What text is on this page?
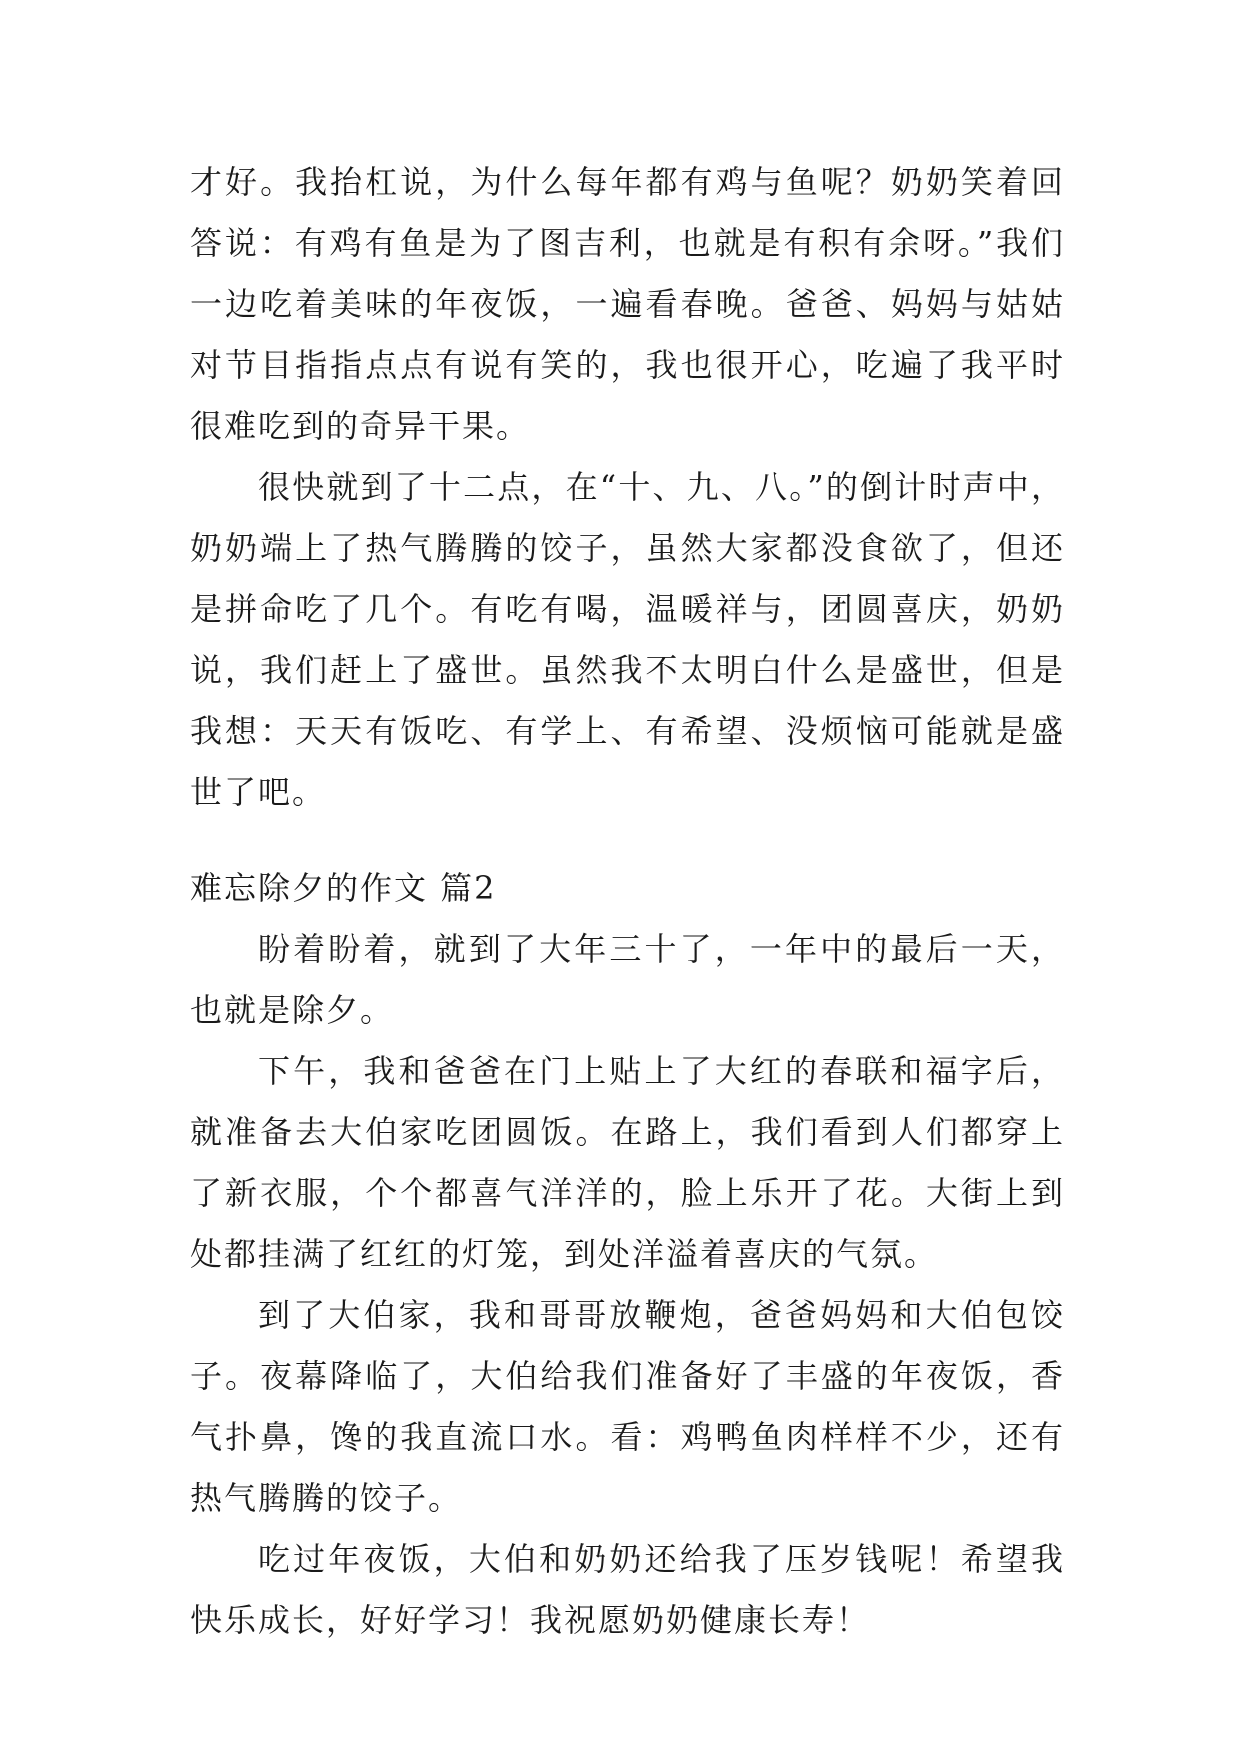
才好。我抬杠说，为什么每年都有鸡与鱼呢？奶奶笑着回答说：有鸡有鱼是为了图吉利，也就是有积有余呀。”我们一边吃着美味的年夜饭，一遍看春晚。爸爸、妈妈与姑姑对节目指指点点有说有笑的，我也很开心，吃遍了我平时很难吃到的奇异干果。

很快就到了十二点，在“十、九、八。”的倒计时声中，奶奶端上了热气腾腾的饺子，虽然大家都没食欲了，但还是拼命吃了几个。有吃有喝，温暖祥与，团圆喜庆，奶奶说，我们赶上了盛世。虽然我不太明白什么是盛世，但是我想：天天有饭吃、有学上、有希望、没烦恼可能就是盛世了吧。

难忘除夕的作文 篇2

盼着盼着，就到了大年三十了，一年中的最后一天，也就是除夕。

下午，我和爸爸在门上贴上了大红的春联和福字后，就准备去大伯家吃团圆饭。在路上，我们看到人们都穿上了新衣服，个个都喜气洋洋的，脸上乐开了花。大街上到处都挂满了红红的灯笼，到处洋溢着喜庆的气氛。

到了大伯家，我和哥哥放鞭炮，爸爸妈妈和大伯包饺子。夜幕降临了，大伯给我们准备好了丰盛的年夜饭，香气扑鼻，馋的我直流口水。看：鸡鸭鱼肉样样不少，还有热气腾腾的饺子。

吃过年夜饭，大伯和奶奶还给我了压岁钱呢！希望我快乐成长，好好学习！我祝愿奶奶健康长寿！
